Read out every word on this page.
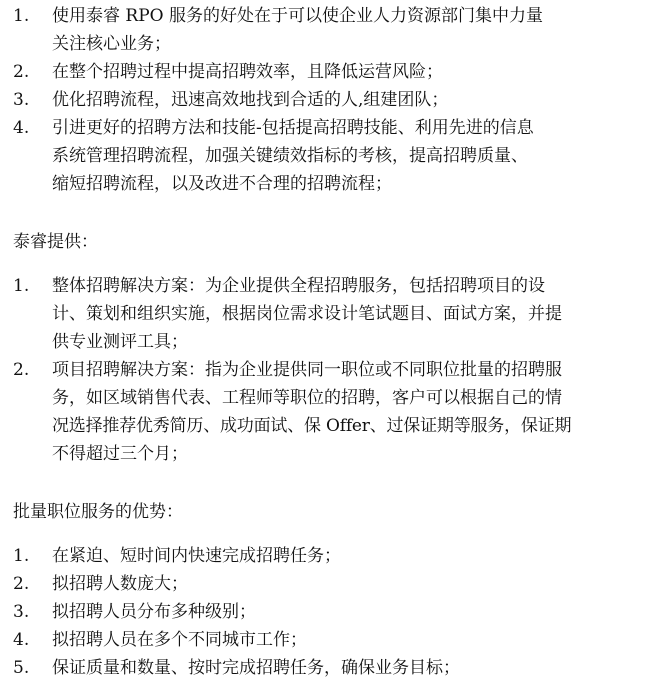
1.	使用泰睿 RPO 服务的好处在于可以使企业人力资源部门集中力量
关注核心业务；
2.	在整个招聘过程中提高招聘效率，且降低运营风险；
3.	优化招聘流程，迅速高效地找到合适的人,组建团队；
4.	引进更好的招聘方法和技能-包括提高招聘技能、利用先进的信息
系统管理招聘流程，加强关键绩效指标的考核，提高招聘质量、
缩短招聘流程，以及改进不合理的招聘流程；
泰睿提供：
1.	整体招聘解决方案：为企业提供全程招聘服务，包括招聘项目的设
计、策划和组织实施，根据岗位需求设计笔试题目、面试方案，并提
供专业测评工具；
2.	项目招聘解决方案：指为企业提供同一职位或不同职位批量的招聘服
务，如区域销售代表、工程师等职位的招聘，客户可以根据自己的情
况选择推荐优秀简历、成功面试、保 Offer、过保证期等服务，保证期
不得超过三个月；
批量职位服务的优势：
1.	在紧迫、短时间内快速完成招聘任务；
2.	拟招聘人数庞大；
3.	拟招聘人员分布多种级别；
4.	拟招聘人员在多个不同城市工作；
5.	保证质量和数量、按时完成招聘任务，确保业务目标；
